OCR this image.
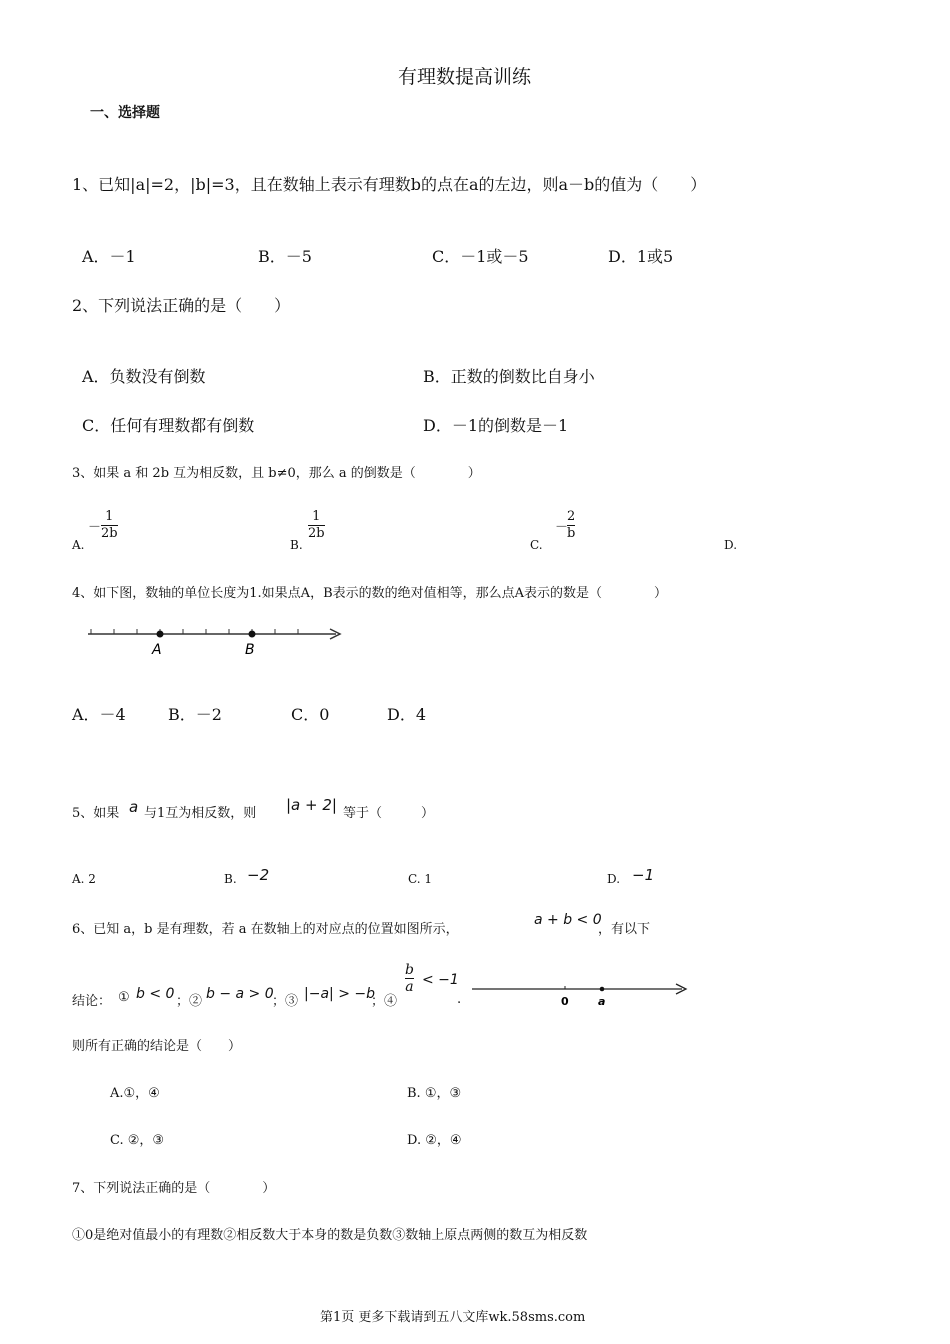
有理数提高训练
一、选择题
1、已知|a|=2，|b|=3，且在数轴上表示有理数b的点在a的左边，则a－b的值为（　　）
A．－1	B．－5	C．－1或－5	D．1或5
2、下列说法正确的是（　　）
A．负数没有倒数	B．正数的倒数比自身小
C．任何有理数都有倒数	D．－1的倒数是－1
3、如果 a 和 2b 互为相反数，且 b≠0，那么 a 的倒数是（　　　　）
A.
－ $\frac{1}{2b}$
B.
$\frac{1}{2b}$
C.
－
$\frac{2}{b}$
D.
4、如下图，数轴的单位长度为1.如果点A，B表示的数的绝对值相等，那么点A表示的数是（　　　　）
A	B
A．－4	B．－2	C．0	D．4
5、如果 a 与1互为相反数，则 |a + 2| 等于（　　　）
A. 2	B. −2	C. 1	D. −1
6、已知 a，b 是有理数，若 a 在数轴上的对应点的位置如图所示，
a + b < 0
，有以下
结论： ① b < 0 ；② b − a > 0
；③ |−a| > −b
；④
$\frac{b}{a} < -1$
.	0	a
则所有正确的结论是（　　）
A.①，④	B. ①，③
C. ②，③	D. ②，④
7、下列说法正确的是（　　　　）
①0是绝对值最小的有理数②相反数大于本身的数是负数③数轴上原点两侧的数互为相反数
第1页 更多下载请到五八文库wk.58sms.com
